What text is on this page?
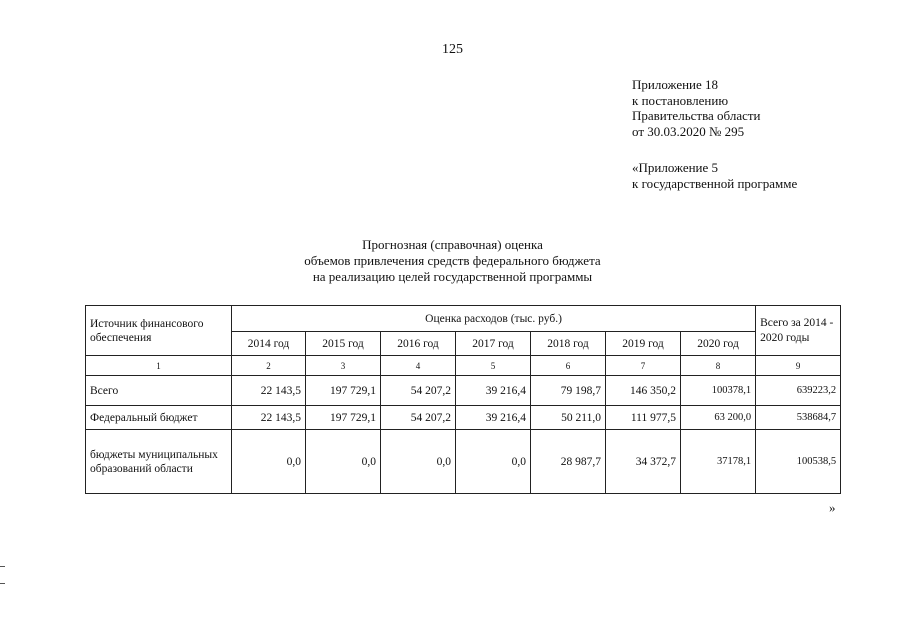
125
Приложение 18
к постановлению
Правительства области
от 30.03.2020 № 295
«Приложение 5
к государственной программе
Прогнозная (справочная) оценка
объемов привлечения средств федерального бюджета
на реализацию целей государственной программы
Источник финансового обеспечения	Оценка расходов (тыс. руб.)							Всего за 2014 - 2020 годы
	2014 год	2015 год	2016 год	2017 год	2018 год	2019 год	2020 год	
1	2	3	4	5	6	7	8	9
Всего	22 143,5	197 729,1	54 207,2	39 216,4	79 198,7	146 350,2	100378,1	639223,2
Федеральный бюджет	22 143,5	197 729,1	54 207,2	39 216,4	50 211,0	111 977,5	63 200,0	538684,7
бюджеты муниципальных образований области	0,0	0,0	0,0	0,0	28 987,7	34 372,7	37178,1	100538,5
»
